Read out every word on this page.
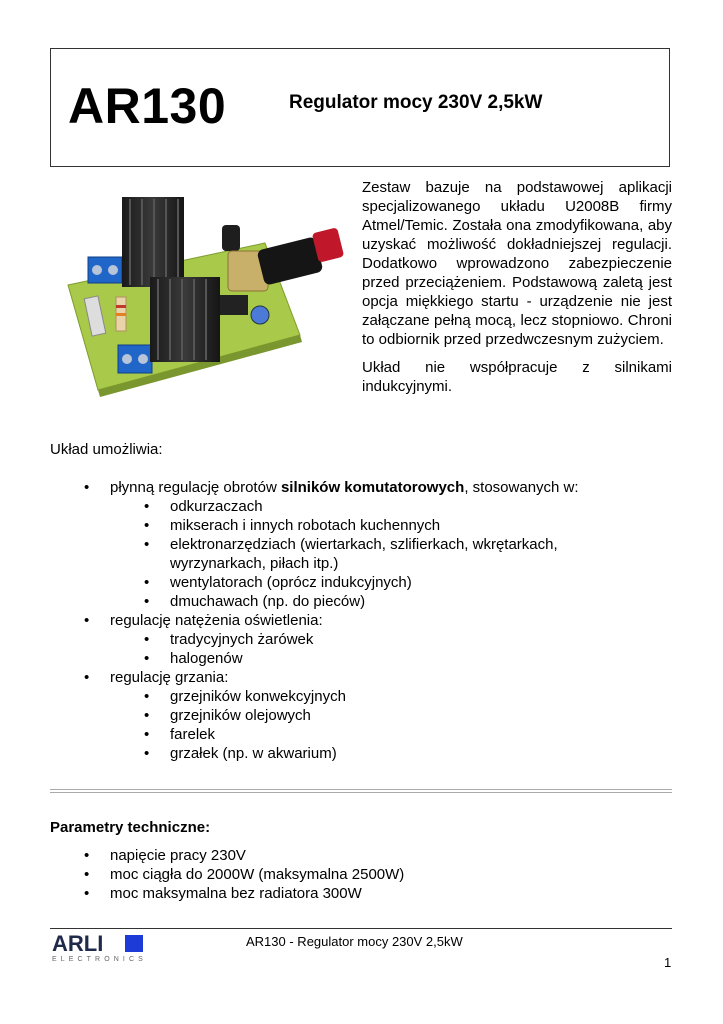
AR130	Regulator mocy 230V 2,5kW

Zestaw bazuje na podstawowej aplikacji specjalizowanego układu U2008B firmy Atmel/Temic. Została ona zmodyfikowana, aby uzyskać możliwość dokładniejszej regulacji. Dodatkowo wprowadzono zabezpieczenie przed przeciążeniem. Podstawową zaletą jest opcja miękkiego startu - urządzenie nie jest załączane pełną mocą, lecz stopniowo. Chroni to odbiornik przed przedwczesnym zużyciem.

Układ nie współpracuje z silnikami indukcyjnymi.

Układ umożliwia:
•	płynną regulację obrotów silników komutatorowych, stosowanych w:
•	odkurzaczach
•	mikserach i innych robotach kuchennych
•	elektronarzędziach (wiertarkach, szlifierkach, wkrętarkach,
wyrzynarkach, piłach itp.)
•	wentylatorach (oprócz indukcyjnych)
•	dmuchawach (np. do pieców)
•	regulację natężenia oświetlenia:
•	tradycyjnych żarówek
•	halogenów
•	regulację grzania:
•	grzejników konwekcyjnych
•	grzejników olejowych
•	farelek
•	grzałek (np. w akwarium)
Parametry techniczne:
•	napięcie pracy 230V
•	moc ciągła do 2000W (maksymalna 2500W)
•	moc maksymalna bez radiatora 300W
ARLI
ELECTRONICS
AR130 - Regulator mocy 230V 2,5kW
1
